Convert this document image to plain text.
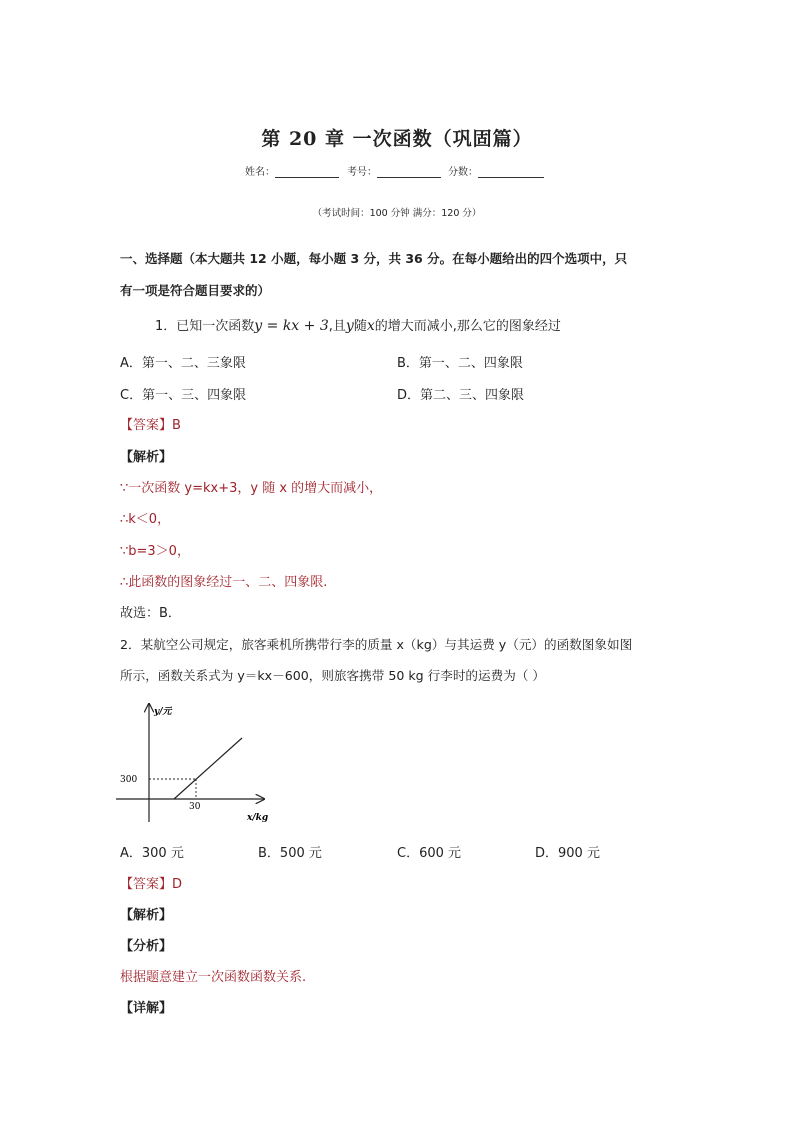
第 20 章 一次函数（巩固篇）
姓名：	考号：	分数：
（考试时间：100 分钟 满分：120 分）
一、选择题（本大题共 12 小题，每小题 3 分，共 36 分。在每小题给出的四个选项中，只
有一项是符合题目要求的）
1．已知一次函数y = kx + 3,且y随x的增大而减小,那么它的图象经过
A．第一、二、三象限	B．第一、二、四象限
C．第一、三、四象限	D．第二、三、四象限
【答案】B
【解析】
∵一次函数 y=kx+3，y 随 x 的增大而减小，
∴k＜0，
∵b=3＞0，
∴此函数的图象经过一、二、四象限.
故选：B．
2．某航空公司规定，旅客乘机所携带行李的质量 x（kg）与其运费 y（元）的函数图象如图
所示，函数关系式为 y＝kx－600，则旅客携带 50 kg 行李时的运费为（ ）
y/元
x/kg
300
30
A．300 元	B．500 元	C．600 元	D．900 元
【答案】D
【解析】
【分析】
根据题意建立一次函数函数关系.
【详解】
